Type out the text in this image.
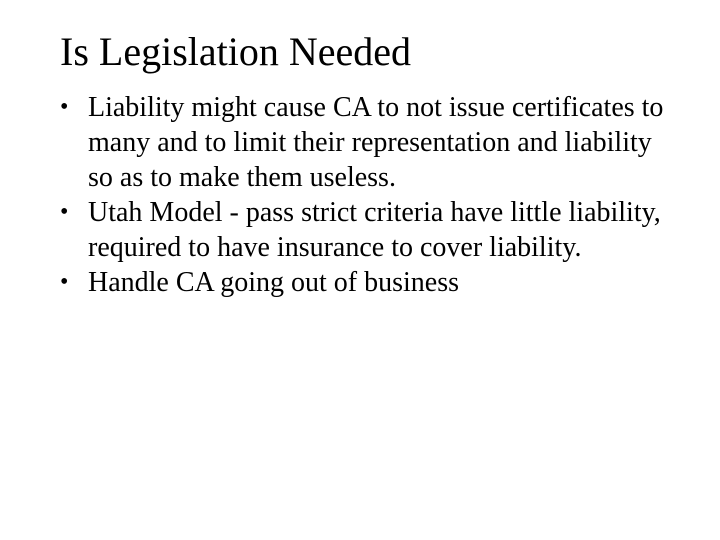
Is Legislation Needed
• Liability might cause CA to not issue certificates to many and to limit their representation and liability so as to make them useless.
• Utah Model - pass strict criteria have little liability, required to have insurance to cover liability.
• Handle CA going out of business
